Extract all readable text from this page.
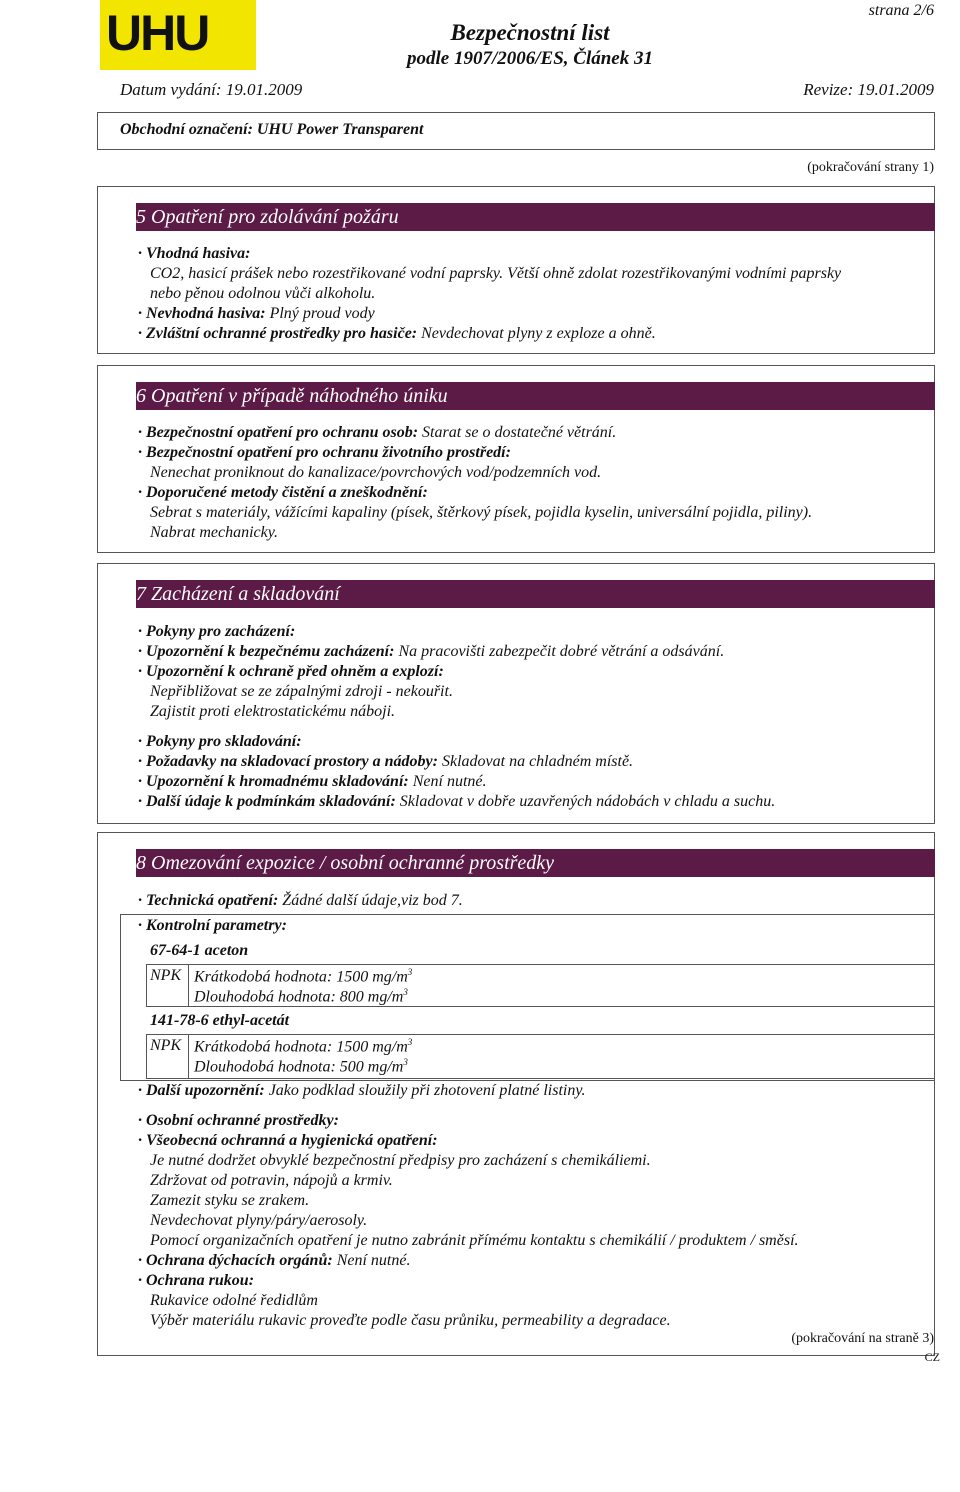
UHU	Bezpečnostní list
podle 1907/2006/ES, Článek 31
strana 2/6
Datum vydání: 19.01.2009	Revize: 19.01.2009
Obchodní označení: UHU Power Transparent
(pokračování strany 1)
5 Opatření pro zdolávání požáru
· Vhodná hasiva:
CO2, hasicí prášek nebo rozestřikované vodní paprsky. Větší ohně zdolat rozestřikovanými vodními paprsky
nebo pěnou odolnou vůči alkoholu.
· Nevhodná hasiva: Plný proud vody
· Zvláštní ochranné prostředky pro hasiče: Nevdechovat plyny z exploze a ohně.
6 Opatření v případě náhodného úniku
· Bezpečnostní opatření pro ochranu osob: Starat se o dostatečné větrání.
· Bezpečnostní opatření pro ochranu životního prostředí:
Nenechat proniknout do kanalizace/povrchových vod/podzemních vod.
· Doporučené metody čistění a zneškodnění:
Sebrat s materiály, vážícími kapaliny (písek, štěrkový písek, pojidla kyselin, universální pojidla, piliny).
Nabrat mechanicky.
7 Zacházení a skladování
· Pokyny pro zacházení:
· Upozornění k bezpečnému zacházení: Na pracovišti zabezpečit dobré větrání a odsávání.
· Upozornění k ochraně před ohněm a explozí:
Nepřibližovat se ze zápalnými zdroji - nekouřit.
Zajistit proti elektrostatickému náboji.
· Pokyny pro skladování:
· Požadavky na skladovací prostory a nádoby: Skladovat na chladném místě.
· Upozornění k hromadnému skladování: Není nutné.
· Další údaje k podmínkám skladování: Skladovat v dobře uzavřených nádobách v chladu a suchu.
8 Omezování expozice / osobní ochranné prostředky
· Technická opatření: Žádné další údaje,viz bod 7.
· Kontrolní parametry:
67-64-1 aceton
NPK Krátkodobá hodnota: 1500 $mg/m^3$
Dlouhodobá hodnota: 800 $mg/m^3$
141-78-6 ethyl-acetát
NPK Krátkodobá hodnota: 1500 $mg/m^3$
Dlouhodobá hodnota: 500 $mg/m^3$
· Další upozornění: Jako podklad sloužily při zhotovení platné listiny.
· Osobní ochranné prostředky:
· Všeobecná ochranná a hygienická opatření:
Je nutné dodržet obvyklé bezpečnostní předpisy pro zacházení s chemikáliemi.
Zdržovat od potravin, nápojů a krmiv.
Zamezit styku se zrakem.
Nevdechovat plyny/páry/aerosoly.
Pomocí organizačních opatření je nutno zabránit přímému kontaktu s chemikálií / produktem / směsí.
· Ochrana dýchacích orgánů: Není nutné.
· Ochrana rukou:
Rukavice odolné ředidlům
Výběr materiálu rukavic proveďte podle času průniku, permeability a degradace.
(pokračování na straně 3)
CZ
